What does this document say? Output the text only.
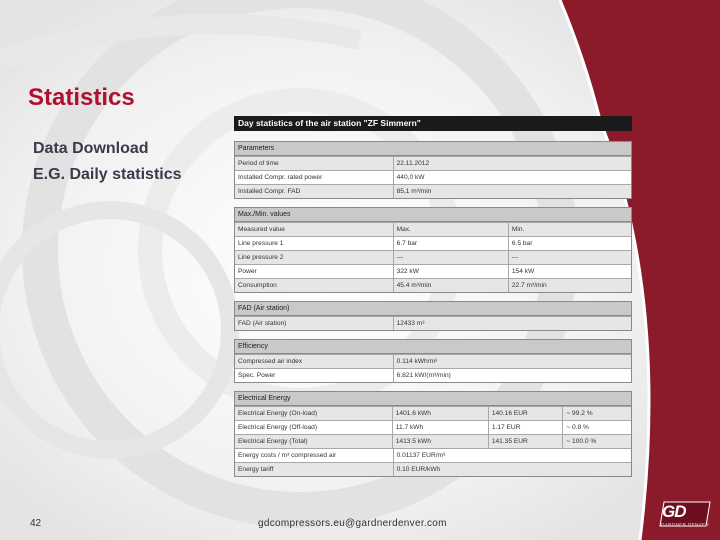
Statistics
Data Download
E.G. Daily statistics
Day statistics of the air station "ZF Simmern"
Parameters
Period of time	22.11.2012
Installed Compr. rated power	440,0 kW
Installed Compr. FAD	85,1 m³/min
Max./Min. values
Measured value	Max.	Min.
Line pressure 1	6.7 bar	6.5 bar
Line pressure 2	---	---
Power	322 kW	154 kW
Consumption	45.4 m³/min	22.7 m³/min
FAD (Air station)
FAD (Air station)	12433 m³
Efficiency
Compressed air index	0.114 kWh/m³
Spec. Power	6.821 kW/(m³/min)
Electrical Energy
Electrical Energy (On-load)	1401.6 kWh	140.16 EUR	~ 99.2 %
Electrical Energy (Off-load)	11.7 kWh	1.17 EUR	~ 0.8 %
Electrical Energy (Total)	1413.5 kWh	141.35 EUR	~ 100.0 %
Energy costs / m³ compressed air	0.01137 EUR/m³
Energy tariff	0.10 EUR/kWh
42	gdcompressors.eu@gardnerdenver.com
GD
GARDNER DENVER
